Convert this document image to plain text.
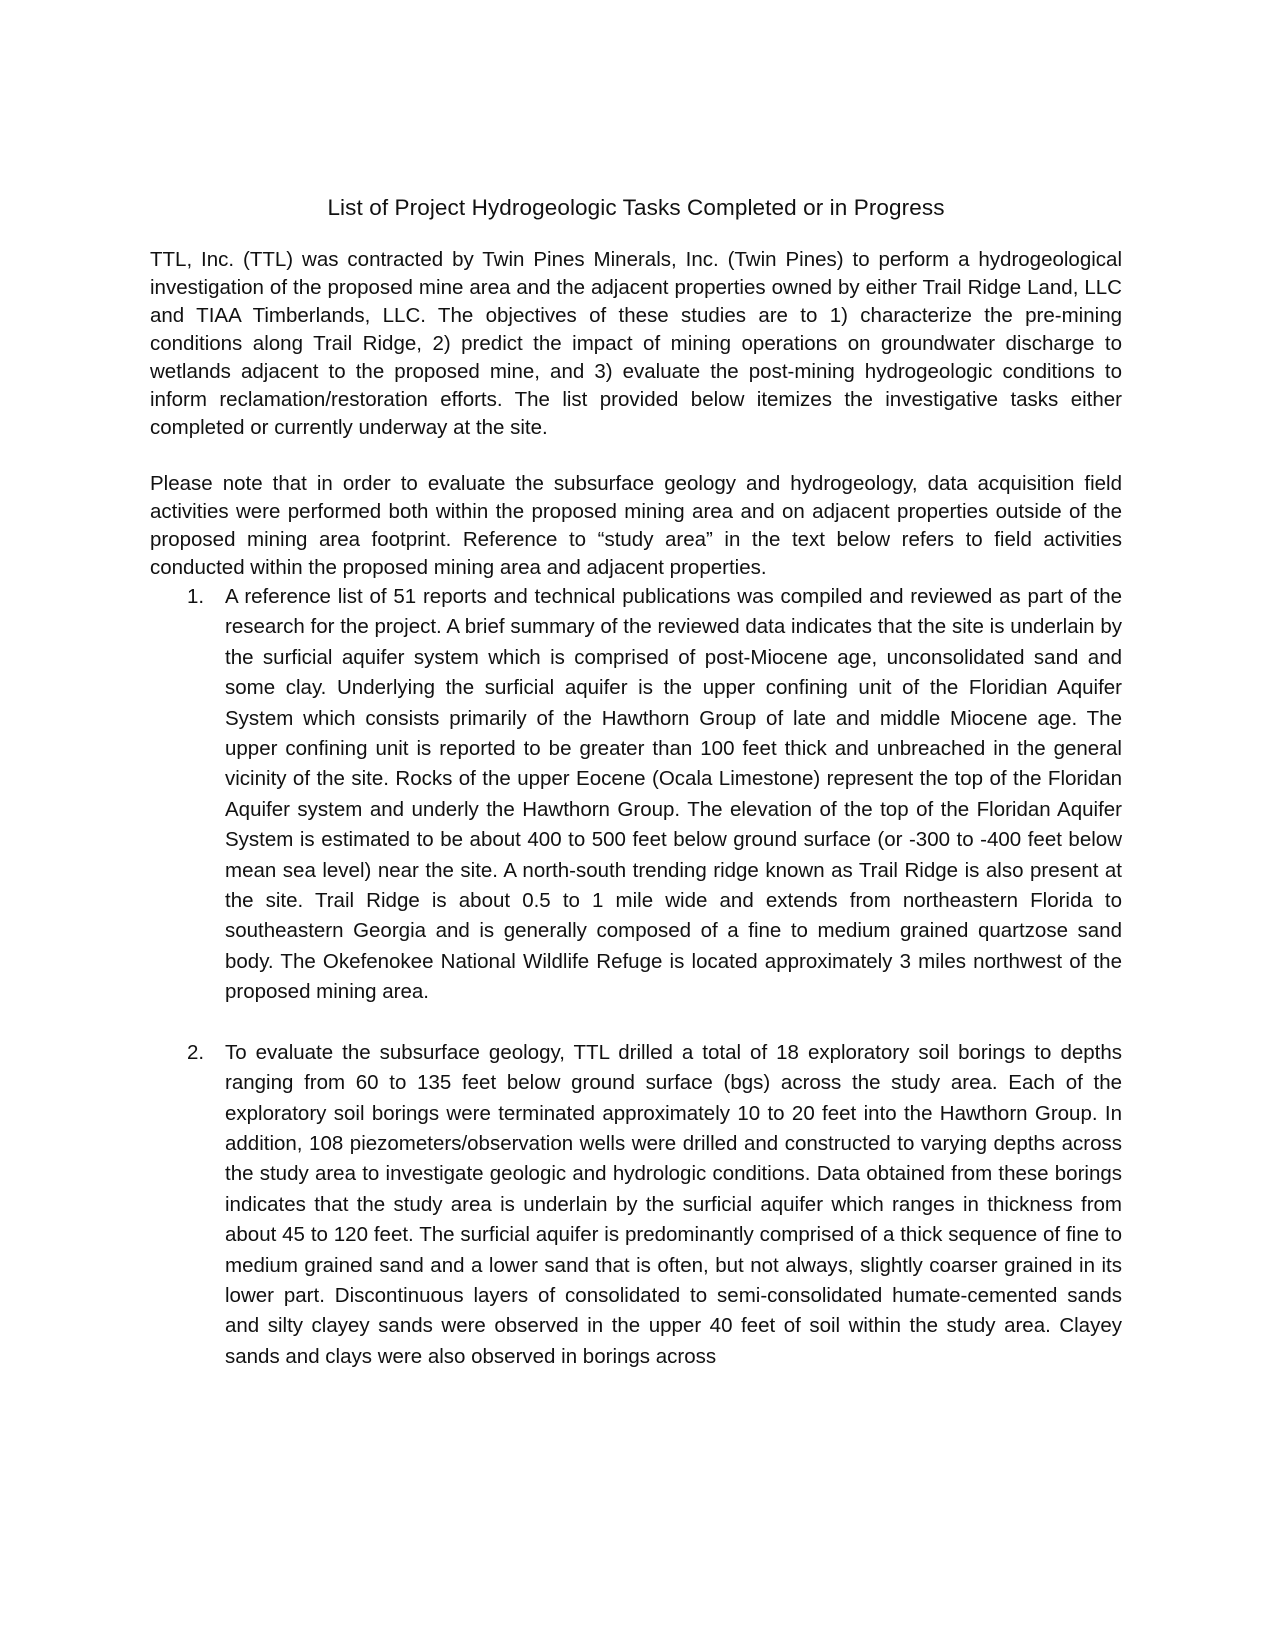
List of Project Hydrogeologic Tasks Completed or in Progress

TTL, Inc. (TTL) was contracted by Twin Pines Minerals, Inc. (Twin Pines) to perform a hydrogeological investigation of the proposed mine area and the adjacent properties owned by either Trail Ridge Land, LLC and TIAA Timberlands, LLC. The objectives of these studies are to 1) characterize the pre-mining conditions along Trail Ridge, 2) predict the impact of mining operations on groundwater discharge to wetlands adjacent to the proposed mine, and 3) evaluate the post-mining hydrogeologic conditions to inform reclamation/restoration efforts. The list provided below itemizes the investigative tasks either completed or currently underway at the site.

Please note that in order to evaluate the subsurface geology and hydrogeology, data acquisition field activities were performed both within the proposed mining area and on adjacent properties outside of the proposed mining area footprint. Reference to “study area” in the text below refers to field activities conducted within the proposed mining area and adjacent properties.

1. A reference list of 51 reports and technical publications was compiled and reviewed as part of the research for the project. A brief summary of the reviewed data indicates that the site is underlain by the surficial aquifer system which is comprised of post-Miocene age, unconsolidated sand and some clay. Underlying the surficial aquifer is the upper confining unit of the Floridian Aquifer System which consists primarily of the Hawthorn Group of late and middle Miocene age. The upper confining unit is reported to be greater than 100 feet thick and unbreached in the general vicinity of the site. Rocks of the upper Eocene (Ocala Limestone) represent the top of the Floridan Aquifer system and underly the Hawthorn Group. The elevation of the top of the Floridan Aquifer System is estimated to be about 400 to 500 feet below ground surface (or -300 to -400 feet below mean sea level) near the site. A north-south trending ridge known as Trail Ridge is also present at the site. Trail Ridge is about 0.5 to 1 mile wide and extends from northeastern Florida to southeastern Georgia and is generally composed of a fine to medium grained quartzose sand body. The Okefenokee National Wildlife Refuge is located approximately 3 miles northwest of the proposed mining area.
2. To evaluate the subsurface geology, TTL drilled a total of 18 exploratory soil borings to depths ranging from 60 to 135 feet below ground surface (bgs) across the study area. Each of the exploratory soil borings were terminated approximately 10 to 20 feet into the Hawthorn Group. In addition, 108 piezometers/observation wells were drilled and constructed to varying depths across the study area to investigate geologic and hydrologic conditions. Data obtained from these borings indicates that the study area is underlain by the surficial aquifer which ranges in thickness from about 45 to 120 feet. The surficial aquifer is predominantly comprised of a thick sequence of fine to medium grained sand and a lower sand that is often, but not always, slightly coarser grained in its lower part. Discontinuous layers of consolidated to semi-consolidated humate-cemented sands and silty clayey sands were observed in the upper 40 feet of soil within the study area. Clayey sands and clays were also observed in borings across
